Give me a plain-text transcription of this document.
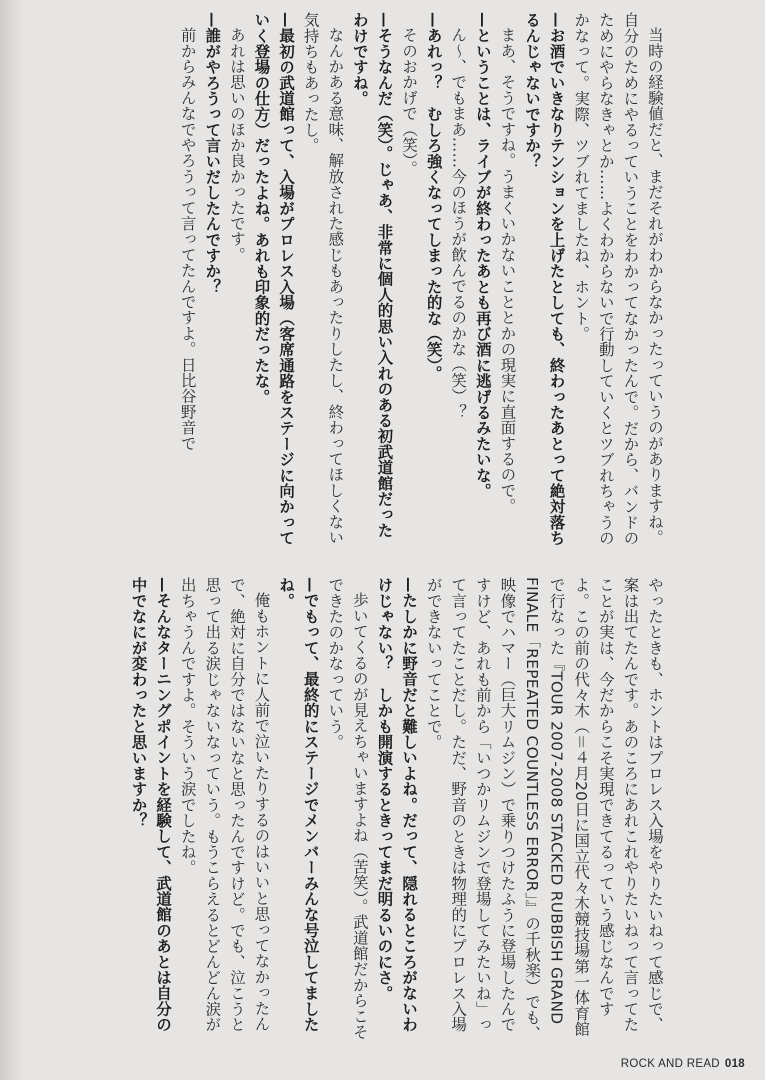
当時の経験値だと、まだそれがわからなかったっていうのがありますね。自分のためにやるっていうことをわかってなかったんで。だから、バンドのためにやらなきゃとか……よくわからないで行動していくとツブれちゃうのかなって。実際、ツブれてましたね、ホント。
—お酒でいきなりテンションを上げたとしても、終わったあとって絶対落ちるんじゃないですか？
まあ、そうですね。うまくいかないこととかの現実に直面するので。
—ということは、ライブが終わったあとも再び酒に逃げるみたいな。
ん〜、でもまあ……今のほうが飲んでるのかな（笑）？
—あれっ？　むしろ強くなってしまった的な（笑）。
そのおかげで（笑）。
—そうなんだ（笑）。じゃあ、非常に個人的思い入れのある初武道館だったわけですね。
なんかある意味、解放された感じもあったりしたし、終わってほしくない気持ちもあったし。
—最初の武道館って、入場がプロレス入場（客席通路をステージに向かっていく登場の仕方）だったよね。あれも印象的だったな。
あれは思いのほか良かったです。
—誰がやろうって言いだしたんですか？
前からみんなでやろうって言ってたんですよ。日比谷野音で
やったときも、ホントはプロレス入場をやりたいねって感じで、案は出てたんです。あのころにあれこれやりたいねって言ってたことが実は、今だからこそ実現できてるっていう感じなんですよ。この前の代々木（＝４月20日に国立代々木競技場第一体育館で行なった『TOUR 2007-2008 STACKED RUBBISH GRAND FINALE「REPEATED COUNTLESS ERROR」』の千秋楽）でも、映像でハマー（巨大リムジン）で乗りつけたふうに登場したんですけど、あれも前から「いつかリムジンで登場してみたいね」って言ってたことだし。ただ、野音のときは物理的にプロレス入場ができないってことで。
—たしかに野音だと難しいよね。だって、隠れるところがないわけじゃない？　しかも開演するときってまだ明るいのにさ。
歩いてくるのが見えちゃいますよね（苦笑）。武道館だからこそできたのかなっていう。
—でもって、最終的にステージでメンバーみんな号泣してましたね。
俺もホントに人前で泣いたりするのはいいと思ってなかったんで、絶対に自分ではないなと思ったんですけど。でも、泣こうと思って出る涙じゃないなっていう。もうこらえるとどんどん涙が出ちゃうんですよ。そういう涙でしたね。
—そんなターニングポイントを経験して、武道館のあとは自分の中でなにが変わったと思いますか？
ROCK AND READ 018
